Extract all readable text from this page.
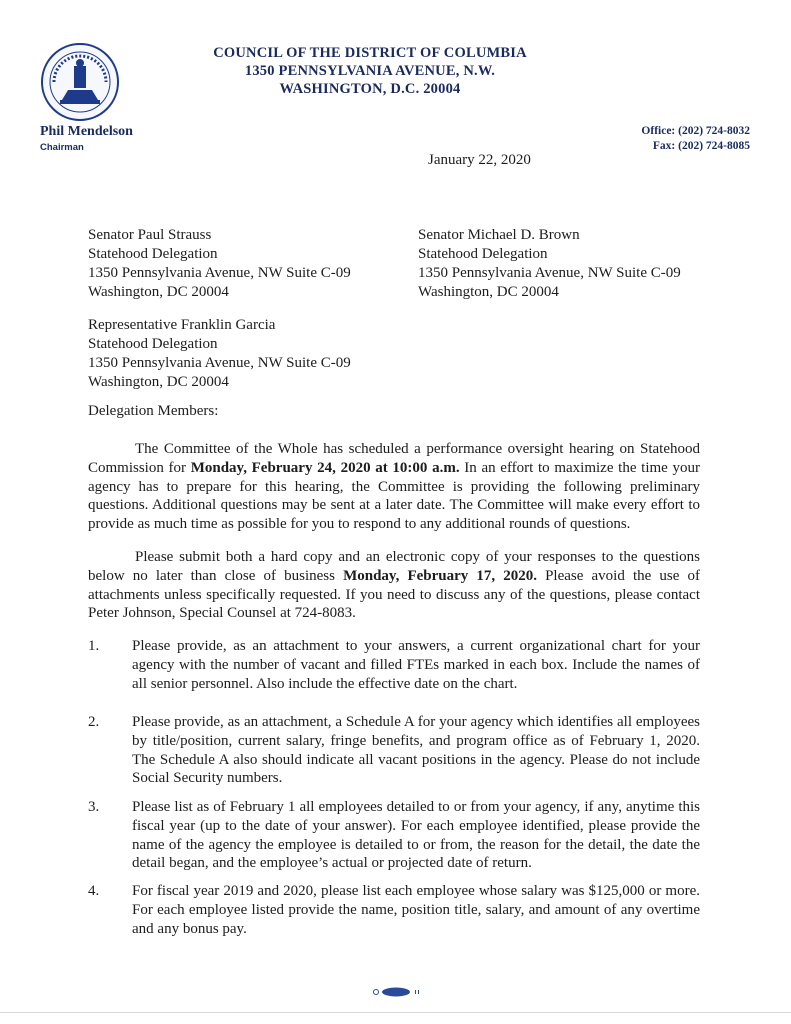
COUNCIL OF THE DISTRICT OF COLUMBIA
1350 PENNSYLVANIA AVENUE, N.W.
WASHINGTON, D.C. 20004
Phil Mendelson
Chairman
Office: (202) 724-8032
Fax: (202) 724-8085
January 22, 2020
Senator Paul Strauss
Statehood Delegation
1350 Pennsylvania Avenue, NW Suite C-09
Washington, DC 20004
Senator Michael D. Brown
Statehood Delegation
1350 Pennsylvania Avenue, NW Suite C-09
Washington, DC 20004
Representative Franklin Garcia
Statehood Delegation
1350 Pennsylvania Avenue, NW Suite C-09
Washington, DC 20004
Delegation Members:

The Committee of the Whole has scheduled a performance oversight hearing on Statehood Commission for Monday, February 24, 2020 at 10:00 a.m. In an effort to maximize the time your agency has to prepare for this hearing, the Committee is providing the following preliminary questions. Additional questions may be sent at a later date. The Committee will make every effort to provide as much time as possible for you to respond to any additional rounds of questions.

Please submit both a hard copy and an electronic copy of your responses to the questions below no later than close of business Monday, February 17, 2020. Please avoid the use of attachments unless specifically requested. If you need to discuss any of the questions, please contact Peter Johnson, Special Counsel at 724-8083.

1. Please provide, as an attachment to your answers, a current organizational chart for your agency with the number of vacant and filled FTEs marked in each box. Include the names of all senior personnel. Also include the effective date on the chart.
2. Please provide, as an attachment, a Schedule A for your agency which identifies all employees by title/position, current salary, fringe benefits, and program office as of February 1, 2020. The Schedule A also should indicate all vacant positions in the agency. Please do not include Social Security numbers.
3. Please list as of February 1 all employees detailed to or from your agency, if any, anytime this fiscal year (up to the date of your answer). For each employee identified, please provide the name of the agency the employee is detailed to or from, the reason for the detail, the date the detail began, and the employee’s actual or projected date of return.
4. For fiscal year 2019 and 2020, please list each employee whose salary was $125,000 or more. For each employee listed provide the name, position title, salary, and amount of any overtime and any bonus pay.
